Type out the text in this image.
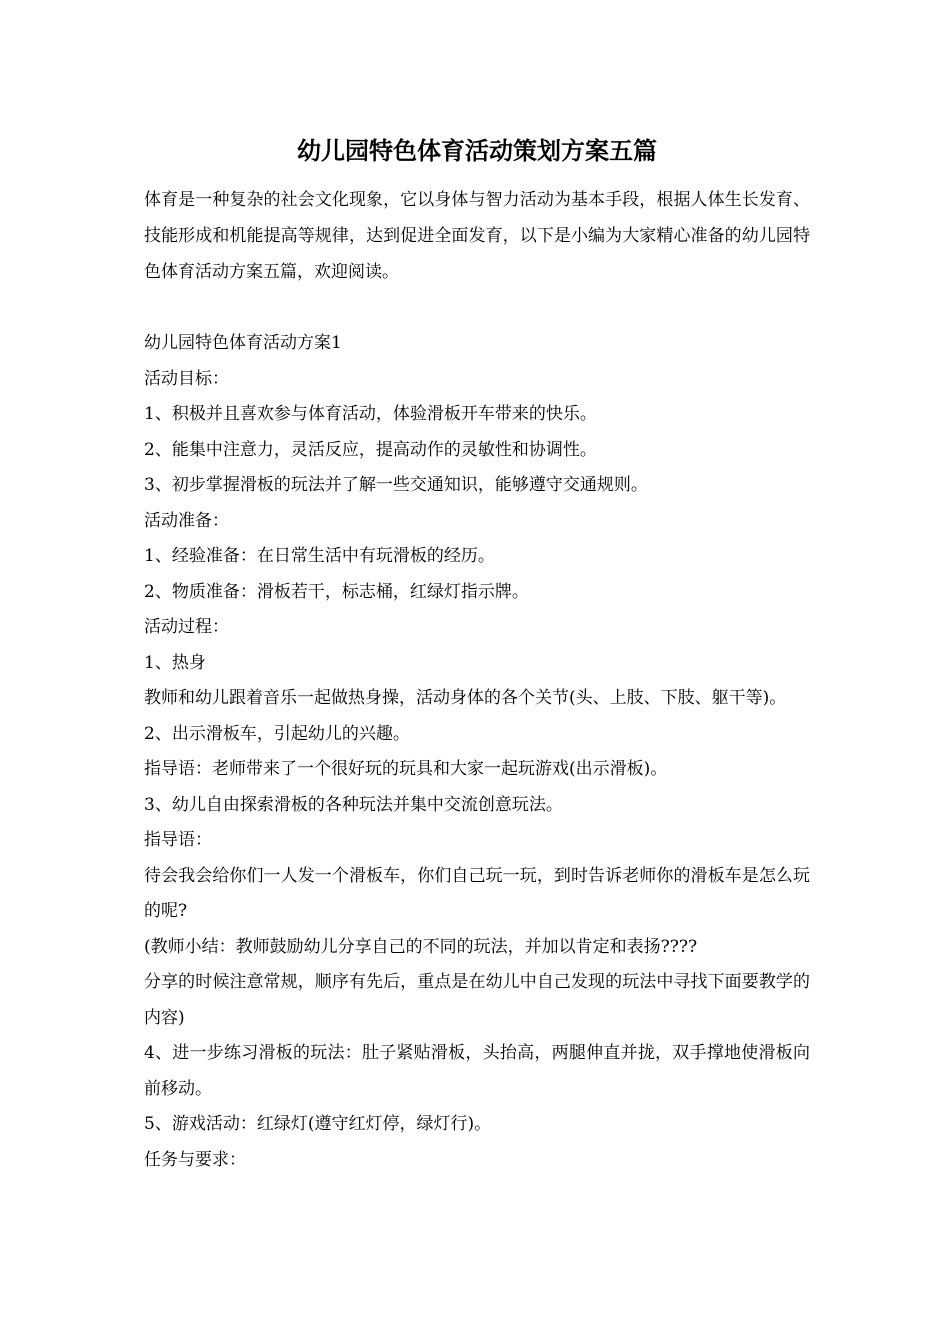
幼儿园特色体育活动策划方案五篇

体育是一种复杂的社会文化现象，它以身体与智力活动为基本手段，根据人体生长发育、技能形成和机能提高等规律，达到促进全面发育，以下是小编为大家精心准备的幼儿园特色体育活动方案五篇，欢迎阅读。

幼儿园特色体育活动方案1
活动目标：
1、积极并且喜欢参与体育活动，体验滑板开车带来的快乐。
2、能集中注意力，灵活反应，提高动作的灵敏性和协调性。
3、初步掌握滑板的玩法并了解一些交通知识，能够遵守交通规则。
活动准备：
1、经验准备：在日常生活中有玩滑板的经历。
2、物质准备：滑板若干，标志桶，红绿灯指示牌。
活动过程：
1、热身
教师和幼儿跟着音乐一起做热身操，活动身体的各个关节(头、上肢、下肢、躯干等)。
2、出示滑板车，引起幼儿的兴趣。
指导语：老师带来了一个很好玩的玩具和大家一起玩游戏(出示滑板)。
3、幼儿自由探索滑板的各种玩法并集中交流创意玩法。
指导语：
待会我会给你们一人发一个滑板车，你们自己玩一玩，到时告诉老师你的滑板车是怎么玩的呢?
(教师小结：教师鼓励幼儿分享自己的不同的玩法，并加以肯定和表扬????
分享的时候注意常规，顺序有先后，重点是在幼儿中自己发现的玩法中寻找下面要教学的内容)
4、进一步练习滑板的玩法：肚子紧贴滑板，头抬高，两腿伸直并拢，双手撑地使滑板向前移动。
5、游戏活动：红绿灯(遵守红灯停，绿灯行)。
任务与要求：
